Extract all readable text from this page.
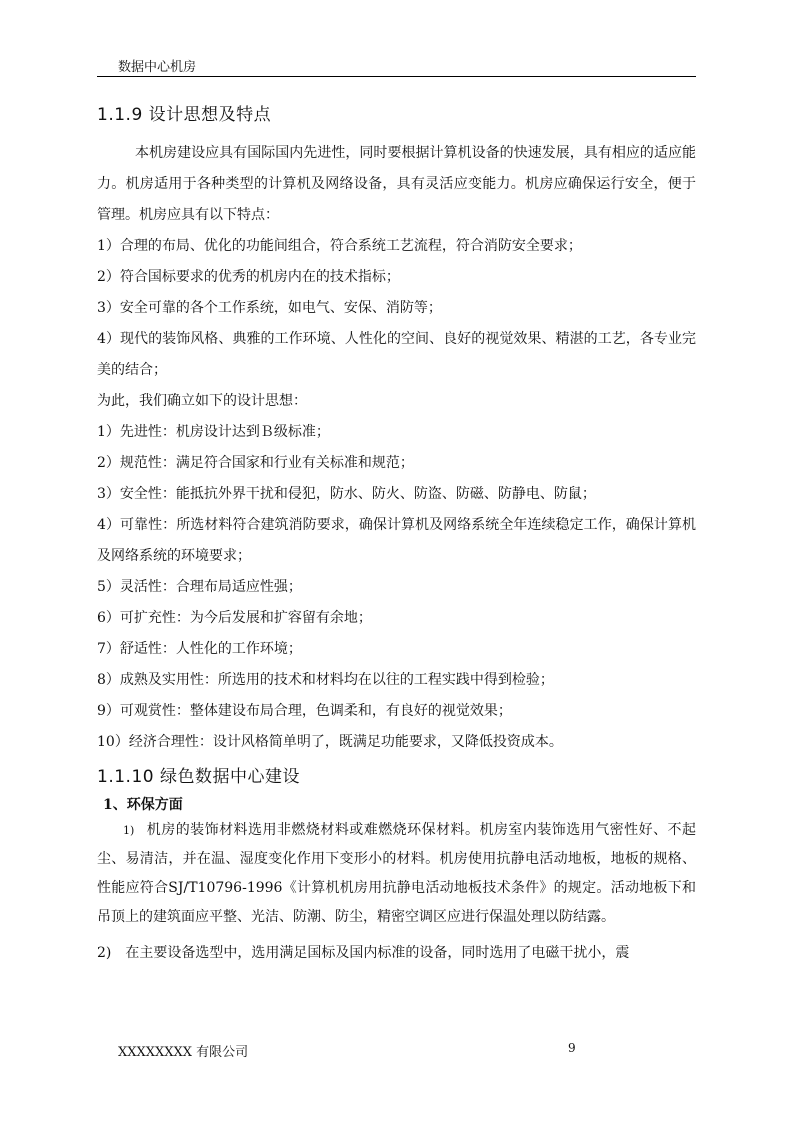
数据中心机房
1.1.9 设计思想及特点

本机房建设应具有国际国内先进性，同时要根据计算机设备的快速发展，具有相应的适应能力。机房适用于各种类型的计算机及网络设备，具有灵活应变能力。机房应确保运行安全，便于管理。机房应具有以下特点：

1）合理的布局、优化的功能间组合，符合系统工艺流程，符合消防安全要求；

2）符合国标要求的优秀的机房内在的技术指标；

3）安全可靠的各个工作系统，如电气、安保、消防等；

4）现代的装饰风格、典雅的工作环境、人性化的空间、良好的视觉效果、精湛的工艺，各专业完美的结合；

为此，我们确立如下的设计思想：

1）先进性：机房设计达到Ｂ级标准；

2）规范性：满足符合国家和行业有关标准和规范；

3）安全性：能抵抗外界干扰和侵犯，防水、防火、防盗、防磁、防静电、防鼠；

4）可靠性：所选材料符合建筑消防要求，确保计算机及网络系统全年连续稳定工作，确保计算机及网络系统的环境要求；

5）灵活性：合理布局适应性强；

6）可扩充性：为今后发展和扩容留有余地；

7）舒适性：人性化的工作环境；

8）成熟及实用性：所选用的技术和材料均在以往的工程实践中得到检验；

9）可观赏性：整体建设布局合理，色调柔和，有良好的视觉效果；

10）经济合理性：设计风格简单明了，既满足功能要求，又降低投资成本。

1.1.10 绿色数据中心建设

1、环保方面

1) 机房的装饰材料选用非燃烧材料或难燃烧环保材料。机房室内装饰选用气密性好、不起尘、易清洁，并在温、湿度变化作用下变形小的材料。机房使用抗静电活动地板，地板的规格、性能应符合SJ/T10796-1996《计算机机房用抗静电活动地板技术条件》的规定。活动地板下和吊顶上的建筑面应平整、光洁、防潮、防尘，精密空调区应进行保温处理以防结露。

2) 在主要设备选型中，选用满足国标及国内标准的设备，同时选用了电磁干扰小，震

XXXXXXXX 有限公司	9
